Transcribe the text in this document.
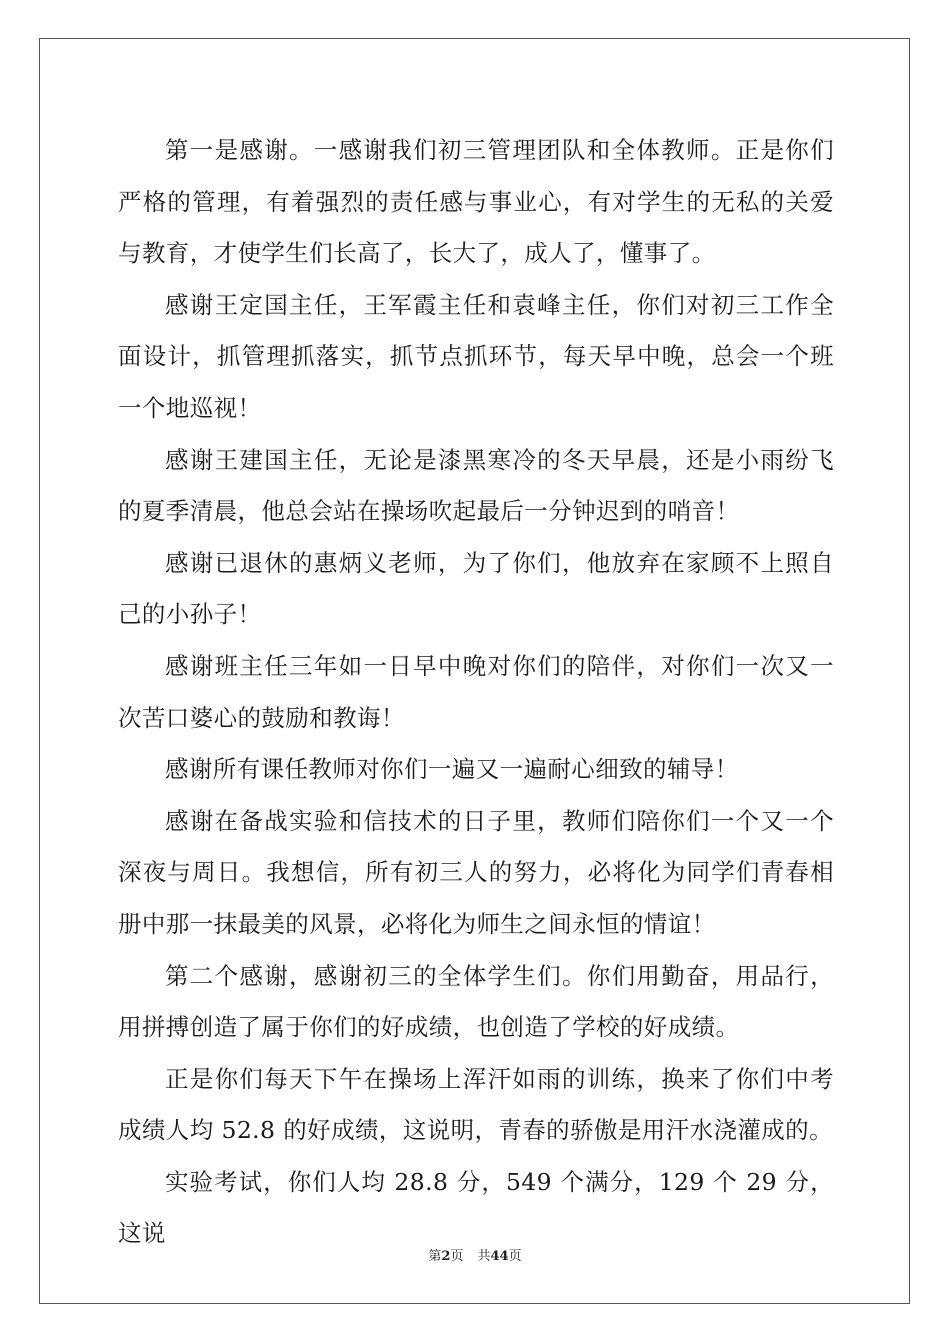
第一是感谢。一感谢我们初三管理团队和全体教师。正是你们严格的管理，有着强烈的责任感与事业心，有对学生的无私的关爱与教育，才使学生们长高了，长大了，成人了，懂事了。

感谢王定国主任，王军霞主任和袁峰主任，你们对初三工作全面设计，抓管理抓落实，抓节点抓环节，每天早中晚，总会一个班一个地巡视！

感谢王建国主任，无论是漆黑寒冷的冬天早晨，还是小雨纷飞的夏季清晨，他总会站在操场吹起最后一分钟迟到的哨音！

感谢已退休的惠炳义老师，为了你们，他放弃在家顾不上照自己的小孙子！

感谢班主任三年如一日早中晚对你们的陪伴，对你们一次又一次苦口婆心的鼓励和教诲！

感谢所有课任教师对你们一遍又一遍耐心细致的辅导！

感谢在备战实验和信技术的日子里，教师们陪你们一个又一个深夜与周日。我想信，所有初三人的努力，必将化为同学们青春相册中那一抹最美的风景，必将化为师生之间永恒的情谊！

第二个感谢，感谢初三的全体学生们。你们用勤奋，用品行，用拼搏创造了属于你们的好成绩，也创造了学校的好成绩。

正是你们每天下午在操场上浑汗如雨的训练，换来了你们中考成绩人均 52.8 的好成绩，这说明，青春的骄傲是用汗水浇灌成的。

实验考试，你们人均 28.8 分，549 个满分，129 个 29 分，这说

第2页 共44页
